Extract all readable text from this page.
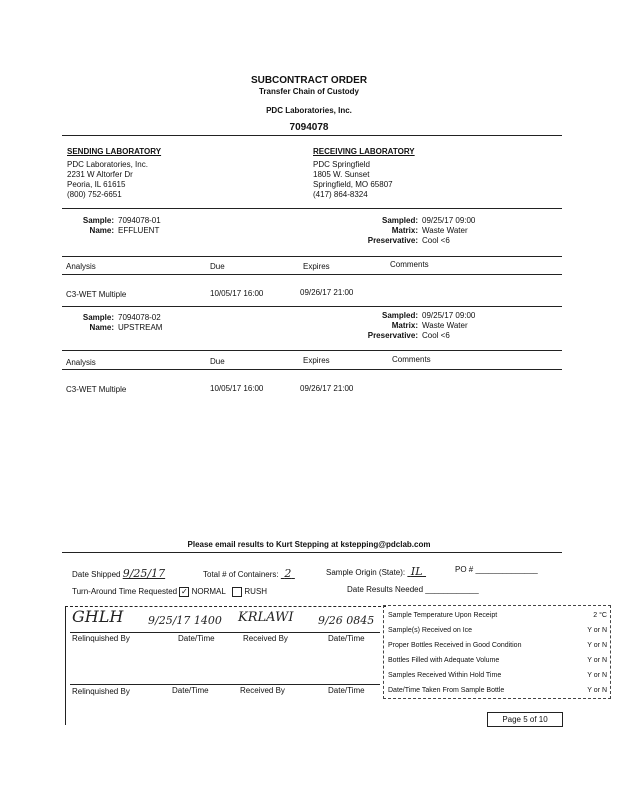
SUBCONTRACT ORDER
Transfer Chain of Custody
PDC Laboratories, Inc.
7094078
SENDING LABORATORY
PDC Laboratories, Inc.
2231 W Altorfer Dr
Peoria, IL 61615
(800) 752-6651
RECEIVING LABORATORY
PDC Springfield
1805 W. Sunset
Springfield, MO 65807
(417) 864-8324
Sample: 7094078-01
Name: EFFLUENT
Sampled: 09/25/17 09:00
Matrix: Waste Water
Preservative: Cool <6
Analysis	Due	Expires	Comments
C3-WET Multiple	10/05/17 16:00	09/26/17 21:00
Sample: 7094078-02
Name: UPSTREAM
Sampled: 09/25/17 09:00
Matrix: Waste Water
Preservative: Cool <6
Analysis	Due	Expires	Comments
C3-WET Multiple	10/05/17 16:00	09/26/17 21:00
Please email results to Kurt Stepping at kstepping@pdclab.com
Date Shipped 9/25/17	Total # of Containers: 2	Sample Origin (State): IL	PO # ______________
Turn-Around Time Requested ✓ NORMAL RUSH	Date Results Needed ____________
GHLH 9/25/17 1400 KRLAWI 9/26 0845
Relinquished By	Date/Time	Received By	Date/Time
Relinquished By	Date/Time	Received By	Date/Time
Sample Temperature Upon Receipt	2 °C
Sample(s) Received on Ice	Y or N
Proper Bottles Received in Good Condition	Y or N
Bottles Filled with Adequate Volume	Y or N
Samples Received Within Hold Time	Y or N
Date/Time Taken From Sample Bottle	Y or N
Page 5 of 10
